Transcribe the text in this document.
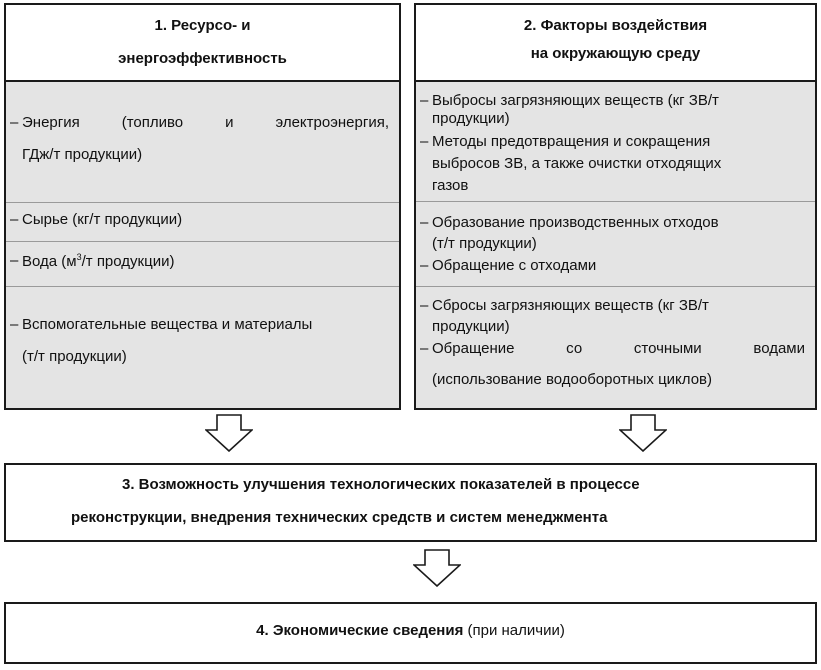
1. Ресурсо- и
энергоэффективность
– Энергия	(топливо	и	электроэнергия,
ГДж/т продукции)
– Сырье (кг/т продукции)
– Вода ($м^3/т$ продукции)
– Вспомогательные вещества и материалы
(т/т продукции)
2. Факторы воздействия
на окружающую среду
– Выбросы загрязняющих веществ (кг ЗВ/т
продукции)
– Методы предотвращения и сокращения
выбросов ЗВ, а также очистки отходящих
газов
– Образование производственных отходов
(т/т продукции)
– Обращение с отходами
– Сбросы загрязняющих веществ (кг ЗВ/т
продукции)
– Обращение	со	сточными	водами
(использование водооборотных циклов)
3. Возможность улучшения технологических показателей в процессе
реконструкции, внедрения технических средств и систем менеджмента
4. Экономические сведения (при наличии)
